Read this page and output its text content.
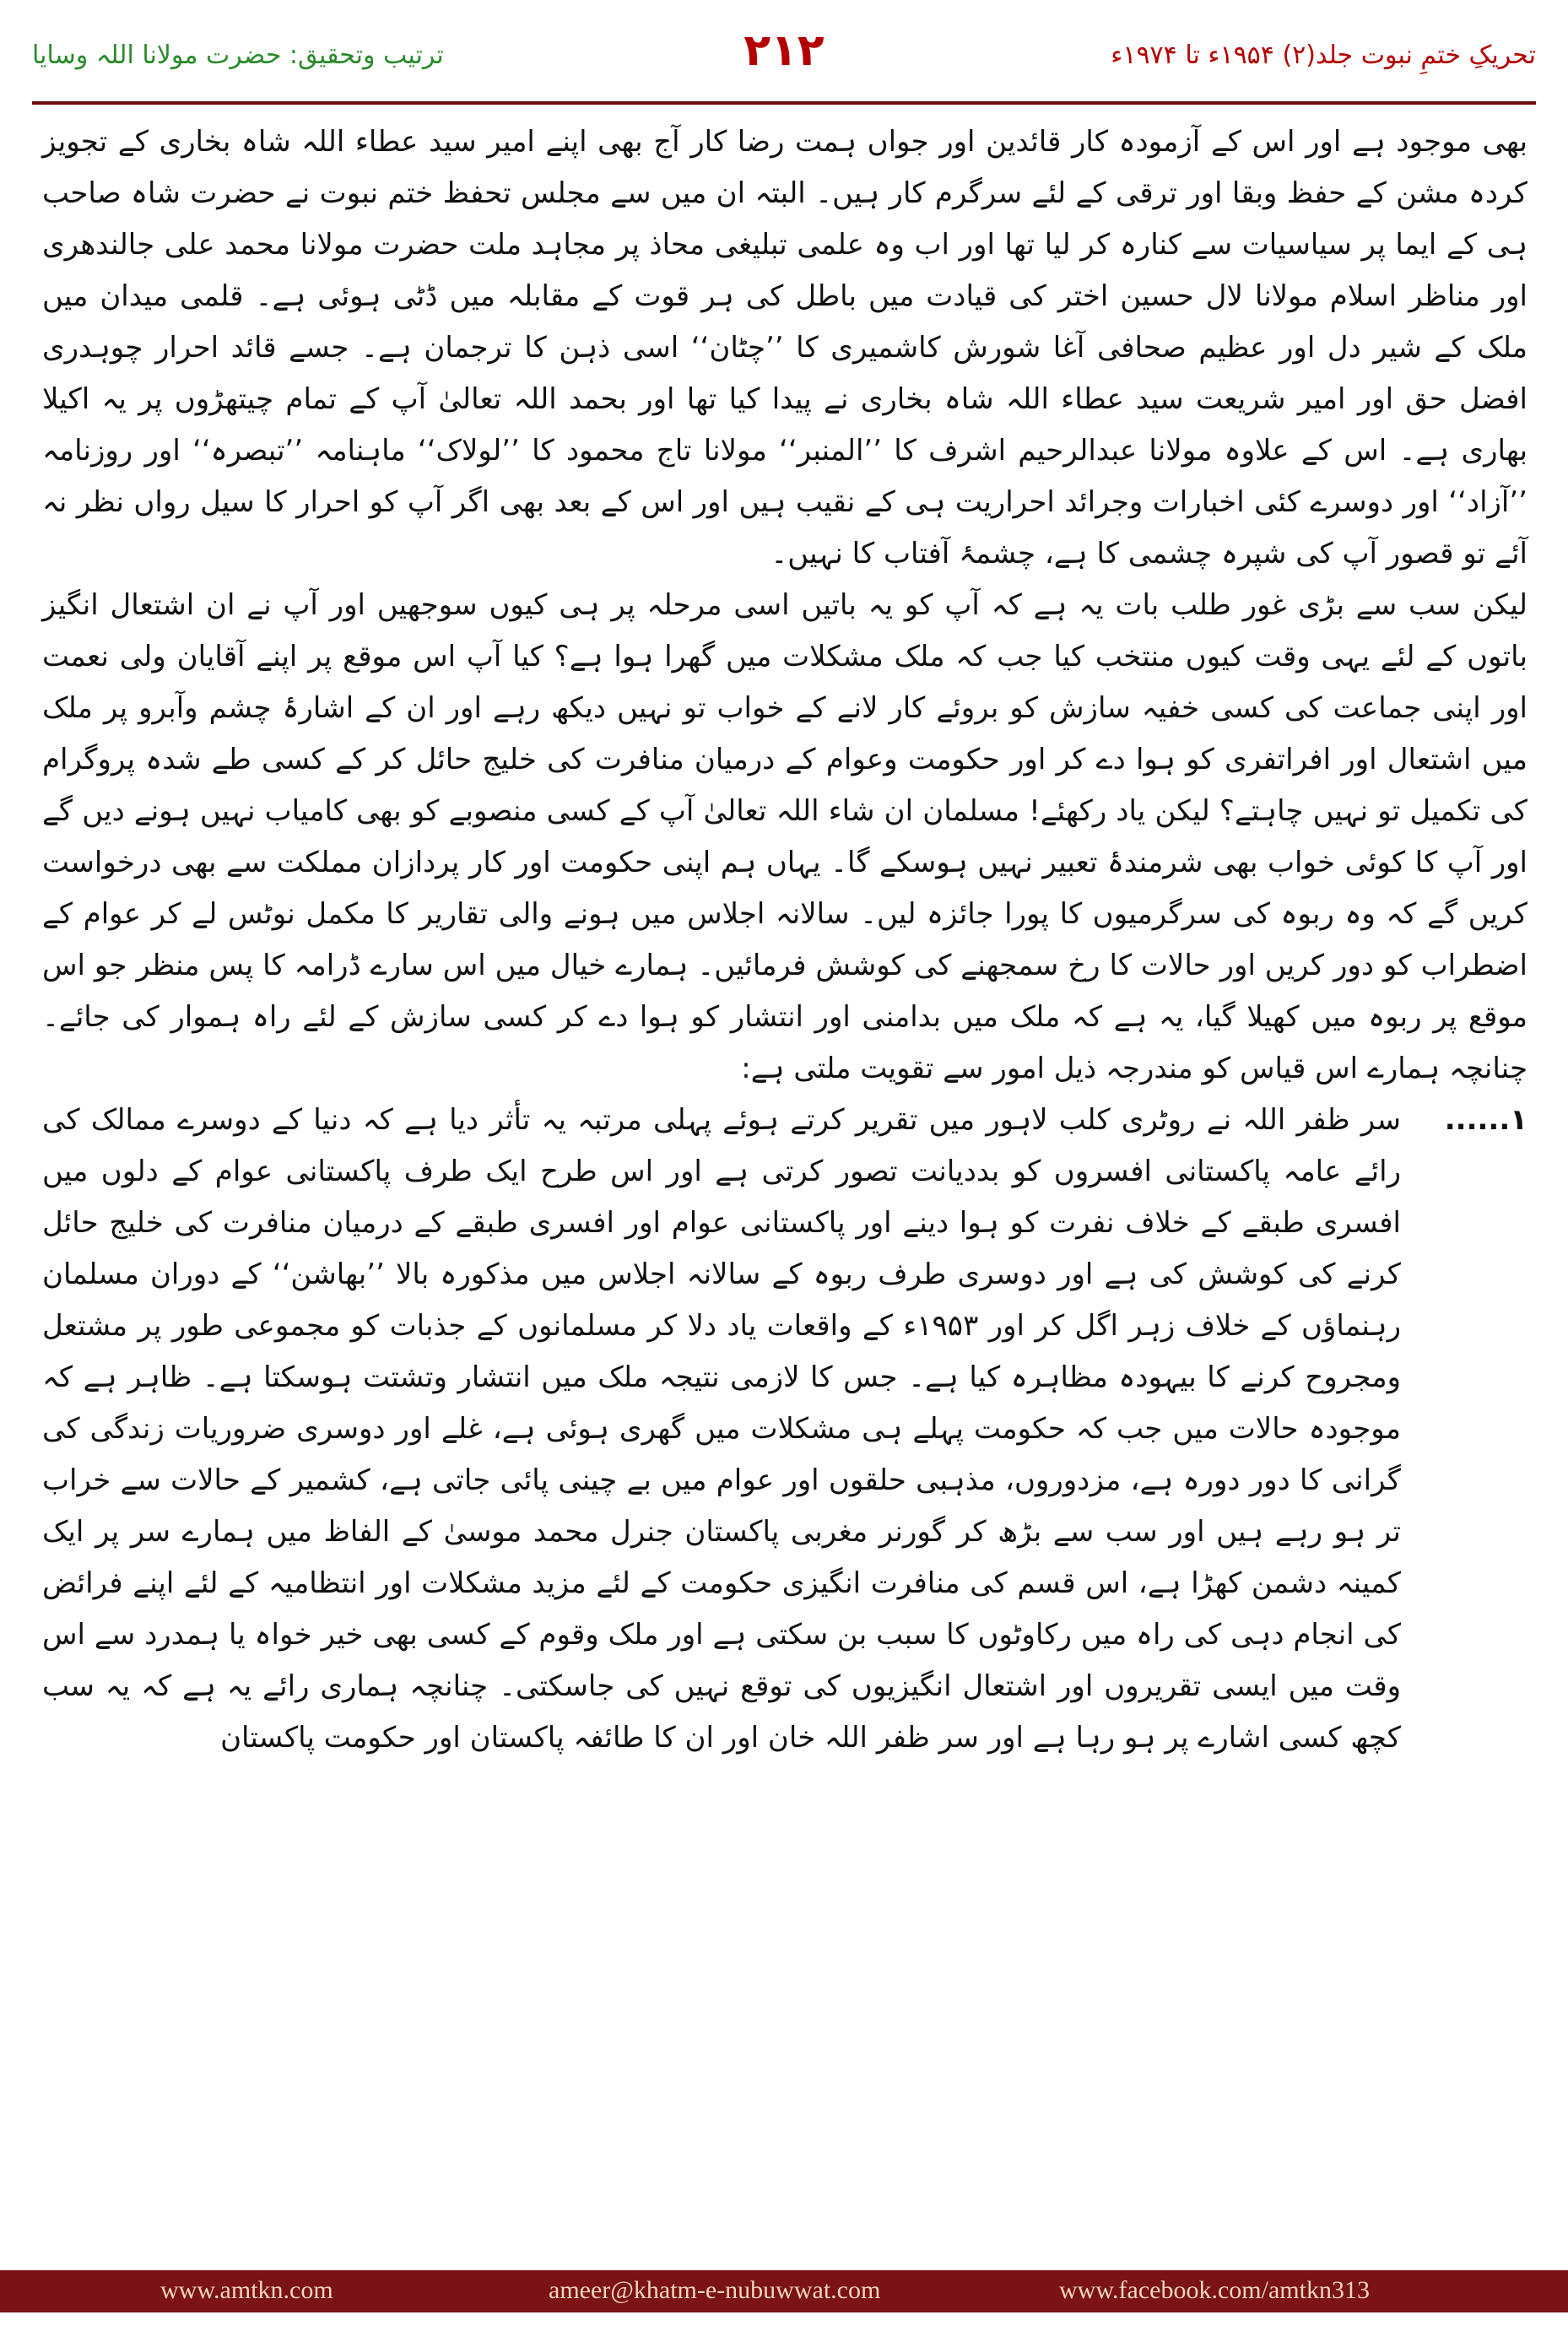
ترتیب وتحقیق: حضرت مولانا اللہ وسایا	۲۱۲	تحریکِ ختمِ نبوت جلد(۲) ۱۹۵۴ء تا ۱۹۷۴ء

بھی موجود ہے اور اس کے آزمودہ کار قائدین اور جواں ہمت رضا کار آج بھی اپنے امیر سید عطاء اللہ شاہ بخاری کے تجویز کردہ مشن کے حفظ وبقا اور ترقی کے لئے سرگرم کار ہیں۔ البتہ ان میں سے مجلس تحفظ ختم نبوت نے حضرت شاہ صاحب ہی کے ایما پر سیاسیات سے کنارہ کر لیا تھا اور اب وہ علمی تبلیغی محاذ پر مجاہد ملت حضرت مولانا محمد علی جالندھری اور مناظر اسلام مولانا لال حسین اختر کی قیادت میں باطل کی ہر قوت کے مقابلہ میں ڈٹی ہوئی ہے۔ قلمی میدان میں ملک کے شیر دل اور عظیم صحافی آغا شورش کاشمیری کا ’’چٹان‘‘ اسی ذہن کا ترجمان ہے۔ جسے قائد احرار چوہدری افضل حق اور امیر شریعت سید عطاء اللہ شاہ بخاری نے پیدا کیا تھا اور بحمد اللہ تعالیٰ آپ کے تمام چیتھڑوں پر یہ اکیلا بھاری ہے۔ اس کے علاوہ مولانا عبدالرحیم اشرف کا ’’المنبر‘‘ مولانا تاج محمود کا ’’لولاک‘‘ ماہنامہ ’’تبصرہ‘‘ اور روزنامہ ’’آزاد‘‘ اور دوسرے کئی اخبارات وجرائد احراریت ہی کے نقیب ہیں اور اس کے بعد بھی اگر آپ کو احرار کا سیل رواں نظر نہ آئے تو قصور آپ کی شپرہ چشمی کا ہے، چشمۂ آفتاب کا نہیں۔

لیکن سب سے بڑی غور طلب بات یہ ہے کہ آپ کو یہ باتیں اسی مرحلہ پر ہی کیوں سوجھیں اور آپ نے ان اشتعال انگیز باتوں کے لئے یہی وقت کیوں منتخب کیا جب کہ ملک مشکلات میں گھرا ہوا ہے؟ کیا آپ اس موقع پر اپنے آقایان ولی نعمت اور اپنی جماعت کی کسی خفیہ سازش کو بروئے کار لانے کے خواب تو نہیں دیکھ رہے اور ان کے اشارۂ چشم وآبرو پر ملک میں اشتعال اور افراتفری کو ہوا دے کر اور حکومت وعوام کے درمیان منافرت کی خلیج حائل کر کے کسی طے شدہ پروگرام کی تکمیل تو نہیں چاہتے؟ لیکن یاد رکھئے! مسلمان ان شاء اللہ تعالیٰ آپ کے کسی منصوبے کو بھی کامیاب نہیں ہونے دیں گے اور آپ کا کوئی خواب بھی شرمندۂ تعبیر نہیں ہوسکے گا۔ یہاں ہم اپنی حکومت اور کار پردازان مملکت سے بھی درخواست کریں گے کہ وہ ربوہ کی سرگرمیوں کا پورا جائزہ لیں۔ سالانہ اجلاس میں ہونے والی تقاریر کا مکمل نوٹس لے کر عوام کے اضطراب کو دور کریں اور حالات کا رخ سمجھنے کی کوشش فرمائیں۔ ہمارے خیال میں اس سارے ڈرامہ کا پس منظر جو اس موقع پر ربوہ میں کھیلا گیا، یہ ہے کہ ملک میں بدامنی اور انتشار کو ہوا دے کر کسی سازش کے لئے راہ ہموار کی جائے۔ چنانچہ ہمارے اس قیاس کو مندرجہ ذیل امور سے تقویت ملتی ہے:

۱......
سر ظفر اللہ نے روٹری کلب لاہور میں تقریر کرتے ہوئے پہلی مرتبہ یہ تأثر دیا ہے کہ دنیا کے دوسرے ممالک کی رائے عامہ پاکستانی افسروں کو بددیانت تصور کرتی ہے اور اس طرح ایک طرف پاکستانی عوام کے دلوں میں افسری طبقے کے خلاف نفرت کو ہوا دینے اور پاکستانی عوام اور افسری طبقے کے درمیان منافرت کی خلیج حائل کرنے کی کوشش کی ہے اور دوسری طرف ربوہ کے سالانہ اجلاس میں مذکورہ بالا ’’بھاشن‘‘ کے دوران مسلمان رہنماؤں کے خلاف زہر اگل کر اور ۱۹۵۳ء کے واقعات یاد دلا کر مسلمانوں کے جذبات کو مجموعی طور پر مشتعل ومجروح کرنے کا بیہودہ مظاہرہ کیا ہے۔ جس کا لازمی نتیجہ ملک میں انتشار وتشتت ہوسکتا ہے۔ ظاہر ہے کہ موجودہ حالات میں جب کہ حکومت پہلے ہی مشکلات میں گھری ہوئی ہے، غلے اور دوسری ضروریات زندگی کی گرانی کا دور دورہ ہے، مزدوروں، مذہبی حلقوں اور عوام میں بے چینی پائی جاتی ہے، کشمیر کے حالات سے خراب تر ہو رہے ہیں اور سب سے بڑھ کر گورنر مغربی پاکستان جنرل محمد موسیٰ کے الفاظ میں ہمارے سر پر ایک کمینہ دشمن کھڑا ہے، اس قسم کی منافرت انگیزی حکومت کے لئے مزید مشکلات اور انتظامیہ کے لئے اپنے فرائض کی انجام دہی کی راہ میں رکاوٹوں کا سبب بن سکتی ہے اور ملک وقوم کے کسی بھی خیر خواہ یا ہمدرد سے اس وقت میں ایسی تقریروں اور اشتعال انگیزیوں کی توقع نہیں کی جاسکتی۔ چنانچہ ہماری رائے یہ ہے کہ یہ سب کچھ کسی اشارے پر ہو رہا ہے اور سر ظفر اللہ خان اور ان کا طائفہ پاکستان اور حکومت پاکستان
www.amtkn.com	ameer@khatm-e-nubuwwat.com	www.facebook.com/amtkn313
